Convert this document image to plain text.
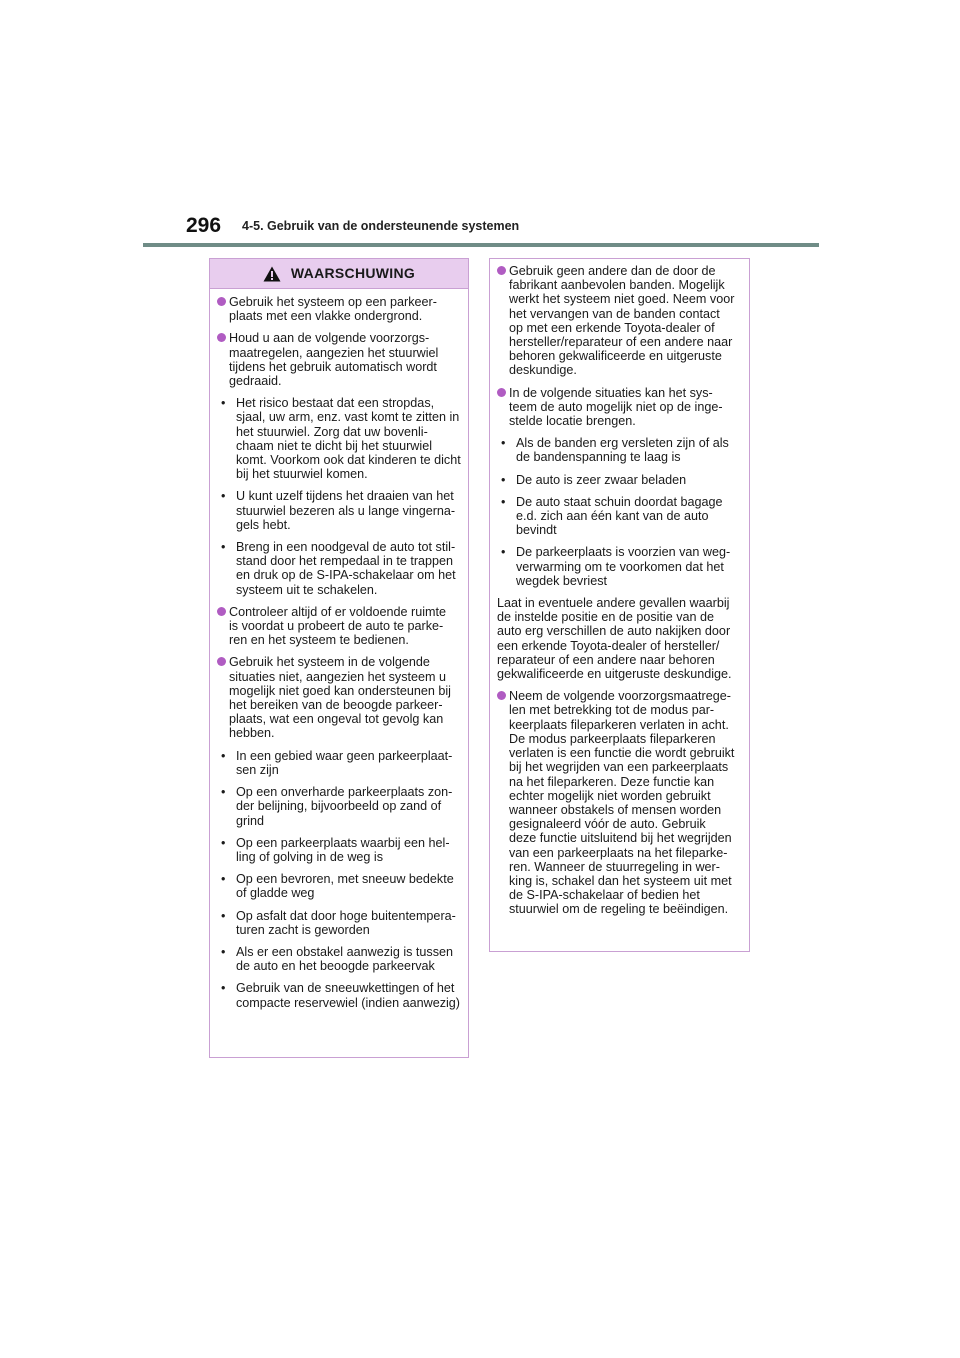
296 4-5. Gebruik van de ondersteunende systemen
WAARSCHUWING

Gebruik het systeem op een parkeer-
plaats met een vlakke ondergrond.

Houd u aan de volgende voorzorgs-
maatregelen, aangezien het stuurwiel
tijdens het gebruik automatisch wordt
gedraaid.

• Het risico bestaat dat een stropdas,
sjaal, uw arm, enz. vast komt te zitten in
het stuurwiel. Zorg dat uw bovenli-
chaam niet te dicht bij het stuurwiel
komt. Voorkom ook dat kinderen te dicht
bij het stuurwiel komen.

• U kunt uzelf tijdens het draaien van het
stuurwiel bezeren als u lange vingerna-
gels hebt.

• Breng in een noodgeval de auto tot stil-
stand door het rempedaal in te trappen
en druk op de S-IPA-schakelaar om het
systeem uit te schakelen.

Controleer altijd of er voldoende ruimte
is voordat u probeert de auto te parke-
ren en het systeem te bedienen.

Gebruik het systeem in de volgende
situaties niet, aangezien het systeem u
mogelijk niet goed kan ondersteunen bij
het bereiken van de beoogde parkeer-
plaats, wat een ongeval tot gevolg kan
hebben.

• In een gebied waar geen parkeerplaat-
sen zijn

• Op een onverharde parkeerplaats zon-
der belijning, bijvoorbeeld op zand of
grind

• Op een parkeerplaats waarbij een hel-
ling of golving in de weg is

• Op een bevroren, met sneeuw bedekte
of gladde weg

• Op asfalt dat door hoge buitentempera-
turen zacht is geworden

• Als er een obstakel aanwezig is tussen
de auto en het beoogde parkeervak

• Gebruik van de sneeuwkettingen of het
compacte reservewiel (indien aanwezig)

Gebruik geen andere dan de door de
fabrikant aanbevolen banden. Mogelijk
werkt het systeem niet goed. Neem voor
het vervangen van de banden contact
op met een erkende Toyota-dealer of
hersteller/reparateur of een andere naar
behoren gekwalificeerde en uitgeruste
deskundige.

In de volgende situaties kan het sys-
teem de auto mogelijk niet op de inge-
stelde locatie brengen.

• Als de banden erg versleten zijn of als
de bandenspanning te laag is

• De auto is zeer zwaar beladen

• De auto staat schuin doordat bagage
e.d. zich aan één kant van de auto
bevindt

• De parkeerplaats is voorzien van weg-
verwarming om te voorkomen dat het
wegdek bevriest

Laat in eventuele andere gevallen waarbij
de instelde positie en de positie van de
auto erg verschillen de auto nakijken door
een erkende Toyota-dealer of hersteller/
reparateur of een andere naar behoren
gekwalificeerde en uitgeruste deskundige.

Neem de volgende voorzorgsmaatrege-
len met betrekking tot de modus par-
keerplaats fileparkeren verlaten in acht.
De modus parkeerplaats fileparkeren
verlaten is een functie die wordt gebruikt
bij het wegrijden van een parkeerplaats
na het fileparkeren. Deze functie kan
echter mogelijk niet worden gebruikt
wanneer obstakels of mensen worden
gesignaleerd vóór de auto. Gebruik
deze functie uitsluitend bij het wegrijden
van een parkeerplaats na het fileparke-
ren. Wanneer de stuurregeling in wer-
king is, schakel dan het systeem uit met
de S-IPA-schakelaar of bedien het
stuurwiel om de regeling te beëindigen.
